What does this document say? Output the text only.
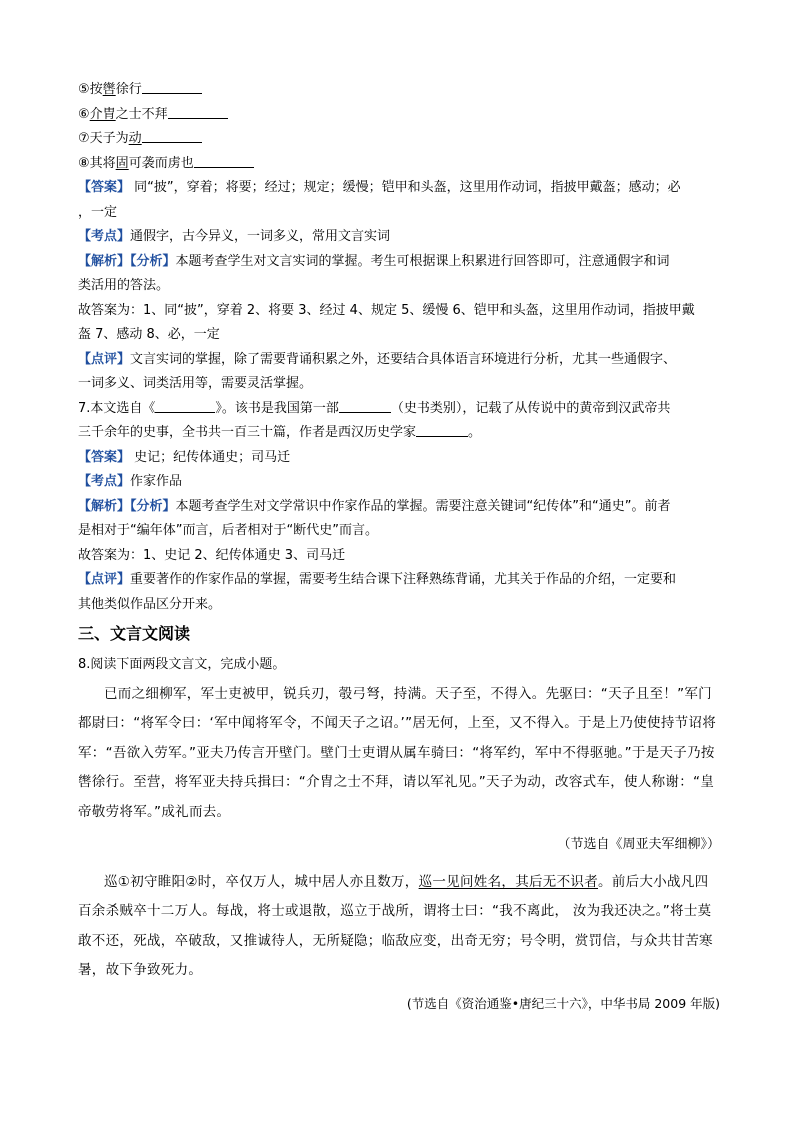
⑤按辔徐行
⑥介胄之士不拜
⑦天子为动
⑧其将固可袭而虏也
【答案】 同“披”，穿着；将要；经过；规定；缓慢；铠甲和头盔，这里用作动词，指披甲戴盔；感动；必
，一定
【考点】通假字，古今异义，一词多义，常用文言实词
【解析】【分析】本题考查学生对文言实词的掌握。考生可根据课上积累进行回答即可，注意通假字和词
类活用的答法。
故答案为：1、同“披”，穿着 2、将要 3、经过 4、规定 5、缓慢 6、铠甲和头盔，这里用作动词，指披甲戴
盔 7、感动 8、必，一定
【点评】文言实词的掌握，除了需要背诵积累之外，还要结合具体语言环境进行分析，尤其一些通假字、
一词多义、词类活用等，需要灵活掌握。
7.本文选自《	》。该书是我国第一部	（史书类别），记载了从传说中的黄帝到汉武帝共
三千余年的史事，全书共一百三十篇，作者是西汉历史学家	。
【答案】 史记；纪传体通史；司马迁
【考点】作家作品
【解析】【分析】本题考查学生对文学常识中作家作品的掌握。需要注意关键词“纪传体”和“通史”。前者
是相对于“编年体”而言，后者相对于“断代史”而言。
故答案为：1、史记 2、纪传体通史 3、司马迁
【点评】重要著作的作家作品的掌握，需要考生结合课下注释熟练背诵，尤其关于作品的介绍，一定要和
其他类似作品区分开来。
三、文言文阅读
8.阅读下面两段文言文，完成小题。
已而之细柳军，军士吏被甲，锐兵刃，彀弓弩，持满。天子至，不得入。先驱曰：“天子且至！”军门都尉曰：“将军令曰：‘军中闻将军令，不闻天子之诏。’”居无何，上至，又不得入。于是上乃使使持节诏将军：“吾欲入劳军。”亚夫乃传言开壁门。壁门士吏谓从属车骑曰：“将军约，军中不得驱驰。”于是天子乃按辔徐行。至营，将军亚夫持兵揖曰：“介胄之士不拜，请以军礼见。”天子为动，改容式车，使人称谢：“皇帝敬劳将军。”成礼而去。
（节选自《周亚夫军细柳》）
巡①初守睢阳②时，卒仅万人，城中居人亦且数万，巡一见问姓名，其后无不识者。前后大小战凡四百余杀贼卒十二万人。每战，将士或退散，巡立于战所，谓将士曰：“我不离此， 汝为我还决之。”将士莫敢不还，死战，卒破敌，又推诚待人，无所疑隐；临敌应变，出奇无穷；号令明，赏罚信，与众共甘苦寒暑，故下争致死力。
(节选自《资治通鉴•唐纪三十六》，中华书局 2009 年版)
